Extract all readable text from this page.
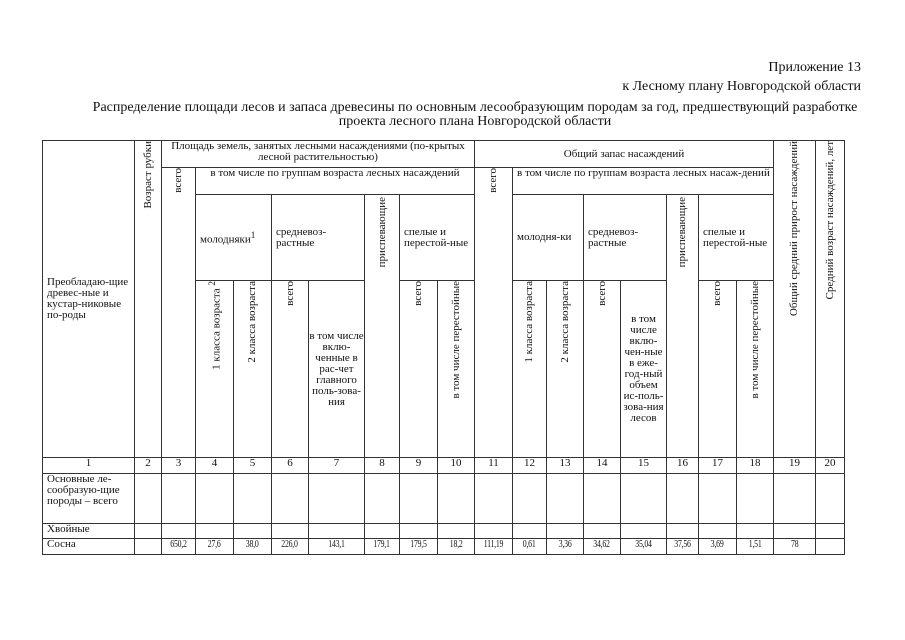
Приложение 13
к Лесному плану Новгородской области
Распределение площади лесов и запаса древесины по основным лесообразующим породам за год, предшествующий разработке проекта лесного плана Новгородской области
Преобладаю-щие древес-ные и кустар-никовые по-роды	Возраст рубки	Площадь земель, занятых лесными насаждениями (по-крытых лесной растительностью)								Общий запас насаждений								Общий средний прирост насаждений	Средний возраст насаждений, лет

		всего	в том числе по группам возраста лесных насаждений							всего	в том числе по группам возраста лесных насаж-дений								
			молодняки$^1$		средневоз-растные		приспевающие	спелые и перестой-ные			молодня-ки		средневоз-растные		приспевающие	спелые и перестой-ные			

			1 класса возраста $^2$	2 класса возраста	всего	в том числе вклю-ченные в рас-чет главного поль-зова-ния		всего	в том числе перестойные		1 класса возраста	2 класса возраста	всего	в том числе вклю-чен-ные в еже-год-ный объем ис-поль-зова-ния лесов		всего	в том числе перестойные		

1	2	3	4	5	6	7	8	9	10	11	12	13	14	15	16	17	18	19	20
Основные ле-сообразую-щие породы – всего																			
Хвойные																			
Сосна		650,2	27,6	38,0	226,0	143,1	179,1	179,5	18,2	111,19	0,61	3,36	34,62	35,04	37,56	3,69	1,51	78	
